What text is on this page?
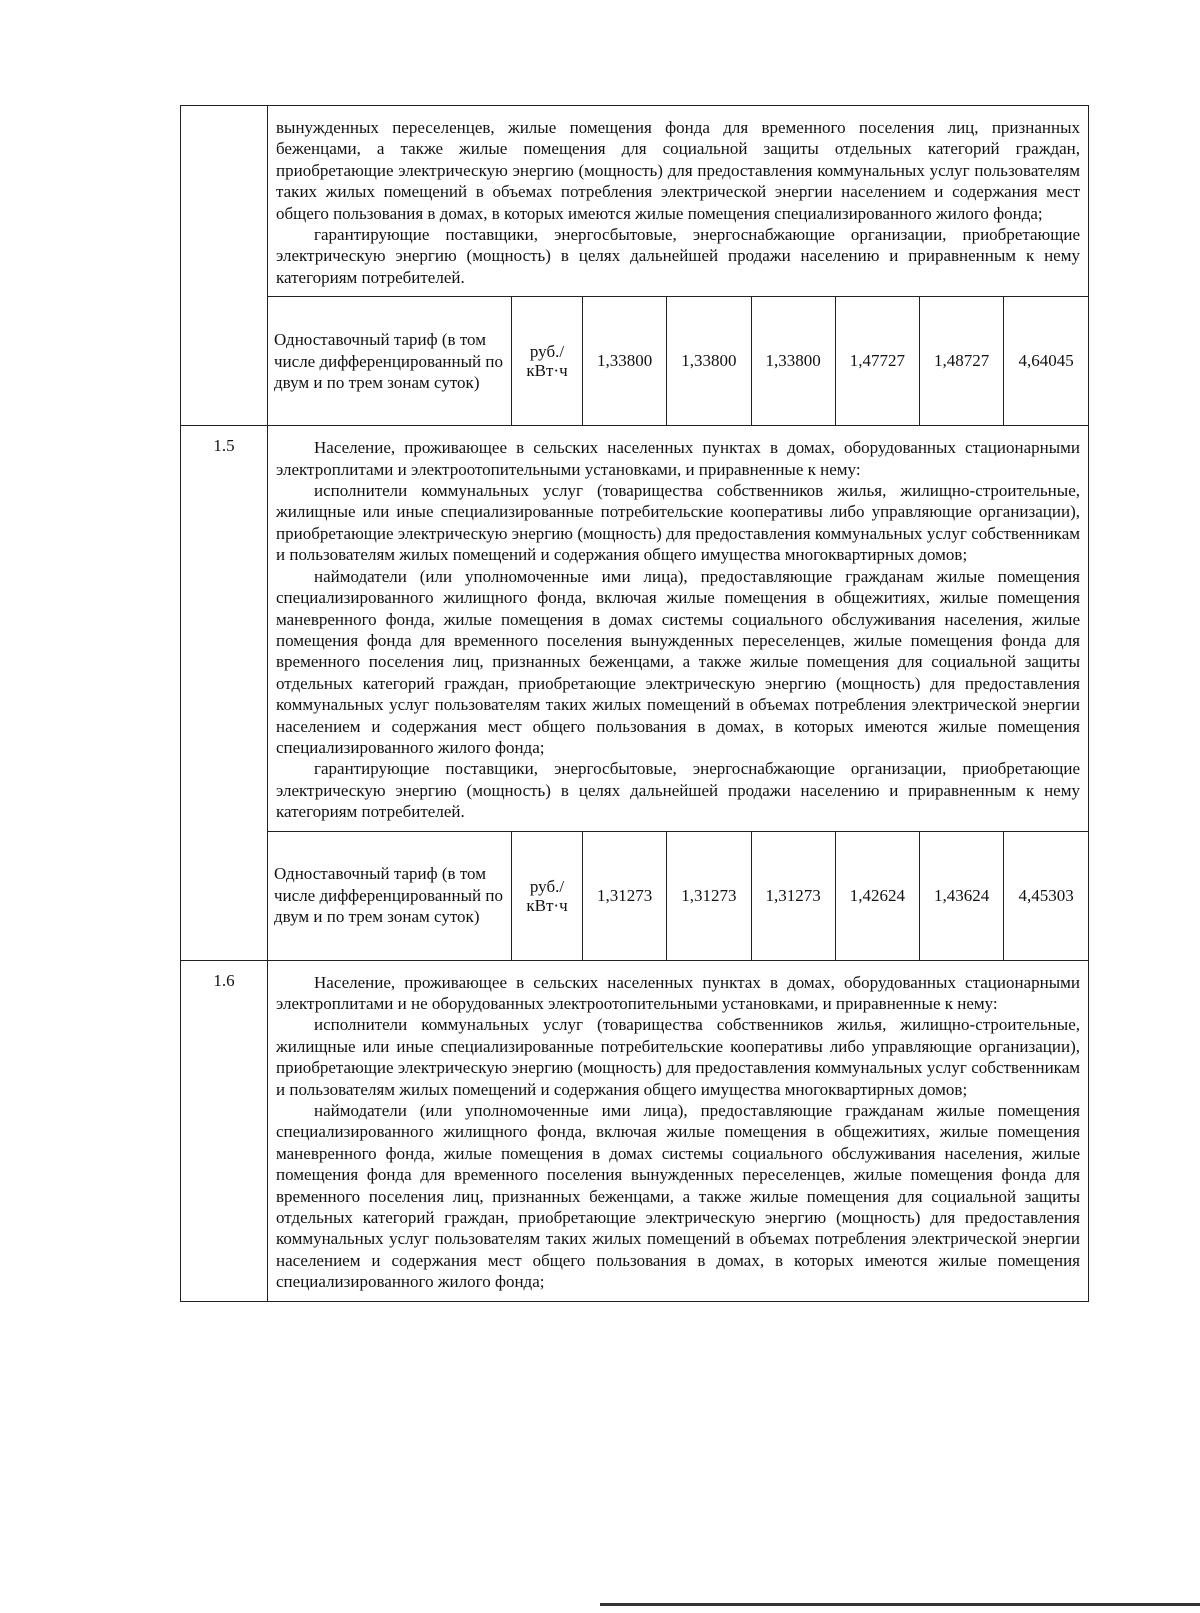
вынужденных переселенцев, жилые помещения фонда для временного поселения лиц, признанных беженцами, а также жилые помещения для социальной защиты отдельных категорий граждан, приобретающие электрическую энергию (мощность) для предоставления коммунальных услуг пользователям таких жилых помещений в объемах потребления электрической энергии населением и содержания мест общего пользования в домах, в которых имеются жилые помещения специализированного жилого фонда;

гарантирующие поставщики, энергосбытовые, энергоснабжающие организации, приобретающие электрическую энергию (мощность) в целях дальнейшей продажи населению и приравненным к нему категориям потребителей.

Одноставочный тариф (в том числе дифференцированный по двум и по трем зонам суток)	руб./ кВт·ч	1,33800	1,33800	1,33800	1,47727	1,48727	4,64045

1.5	Население, проживающее в сельских населенных пунктах в домах, оборудованных стационарными электроплитами и электроотопительными установками, и приравненные к нему:

исполнители коммунальных услуг (товарищества собственников жилья, жилищно-строительные, жилищные или иные специализированные потребительские кооперативы либо управляющие организации), приобретающие электрическую энергию (мощность) для предоставления коммунальных услуг собственникам и пользователям жилых помещений и содержания общего имущества многоквартирных домов;

наймодатели (или уполномоченные ими лица), предоставляющие гражданам жилые помещения специализированного жилищного фонда, включая жилые помещения в общежитиях, жилые помещения маневренного фонда, жилые помещения в домах системы социального обслуживания населения, жилые помещения фонда для временного поселения вынужденных переселенцев, жилые помещения фонда для временного поселения лиц, признанных беженцами, а также жилые помещения для социальной защиты отдельных категорий граждан, приобретающие электрическую энергию (мощность) для предоставления коммунальных услуг пользователям таких жилых помещений в объемах потребления электрической энергии населением и содержания мест общего пользования в домах, в которых имеются жилые помещения специализированного жилого фонда;

гарантирующие поставщики, энергосбытовые, энергоснабжающие организации, приобретающие электрическую энергию (мощность) в целях дальнейшей продажи населению и приравненным к нему категориям потребителей.

Одноставочный тариф (в том числе дифференцированный по двум и по трем зонам суток)	руб./ кВт·ч	1,31273	1,31273	1,31273	1,42624	1,43624	4,45303

1.6	Население, проживающее в сельских населенных пунктах в домах, оборудованных стационарными электроплитами и не оборудованных электроотопительными установками, и приравненные к нему:

исполнители коммунальных услуг (товарищества собственников жилья, жилищно-строительные, жилищные или иные специализированные потребительские кооперативы либо управляющие организации), приобретающие электрическую энергию (мощность) для предоставления коммунальных услуг собственникам и пользователям жилых помещений и содержания общего имущества многоквартирных домов;

наймодатели (или уполномоченные ими лица), предоставляющие гражданам жилые помещения специализированного жилищного фонда, включая жилые помещения в общежитиях, жилые помещения маневренного фонда, жилые помещения в домах системы социального обслуживания населения, жилые помещения фонда для временного поселения вынужденных переселенцев, жилые помещения фонда для временного поселения лиц, признанных беженцами, а также жилые помещения для социальной защиты отдельных категорий граждан, приобретающие электрическую энергию (мощность) для предоставления коммунальных услуг пользователям таких жилых помещений в объемах потребления электрической энергии населением и содержания мест общего пользования в домах, в которых имеются жилые помещения специализированного жилого фонда;
